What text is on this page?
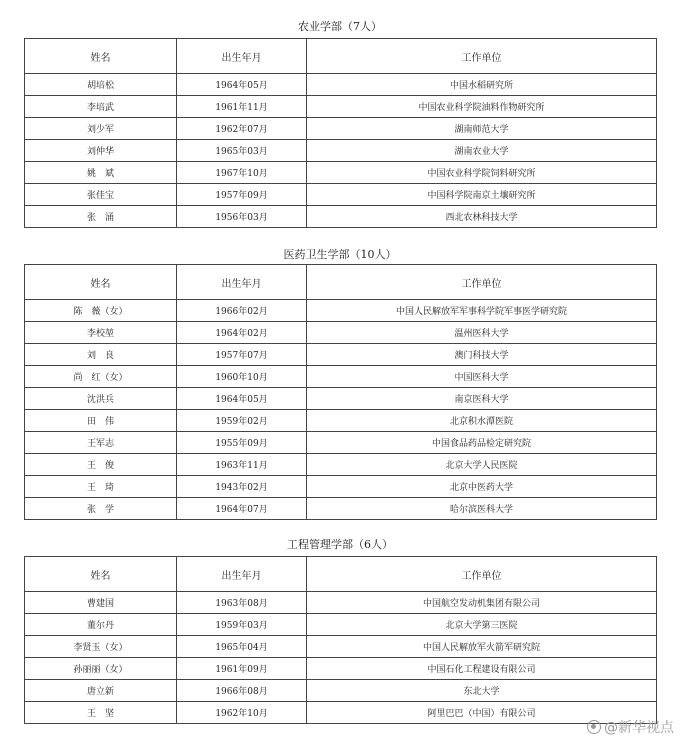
农业学部（7人）
姓名	出生年月	工作单位
胡培松	1964年05月	中国水稻研究所
李培武	1961年11月	中国农业科学院油料作物研究所
刘少军	1962年07月	湖南师范大学
刘仲华	1965年03月	湖南农业大学
姚　斌	1967年10月	中国农业科学院饲料研究所
张佳宝	1957年09月	中国科学院南京土壤研究所
张　涌	1956年03月	西北农林科技大学
医药卫生学部（10人）
姓名	出生年月	工作单位
陈　薇（女）	1966年02月	中国人民解放军军事科学院军事医学研究院
李校堃	1964年02月	温州医科大学
刘　良	1957年07月	澳门科技大学
尚　红（女）	1960年10月	中国医科大学
沈洪兵	1964年05月	南京医科大学
田　伟	1959年02月	北京积水潭医院
王军志	1955年09月	中国食品药品检定研究院
王　俊	1963年11月	北京大学人民医院
王　琦	1943年02月	北京中医药大学
张　学	1964年07月	哈尔滨医科大学
工程管理学部（6人）
姓名	出生年月	工作单位
曹建国	1963年08月	中国航空发动机集团有限公司
董尔丹	1959年03月	北京大学第三医院
李贤玉（女）	1965年04月	中国人民解放军火箭军研究院
孙丽丽（女）	1961年09月	中国石化工程建设有限公司
唐立新	1966年08月	东北大学
王　坚	1962年10月	阿里巴巴（中国）有限公司
@新华视点
